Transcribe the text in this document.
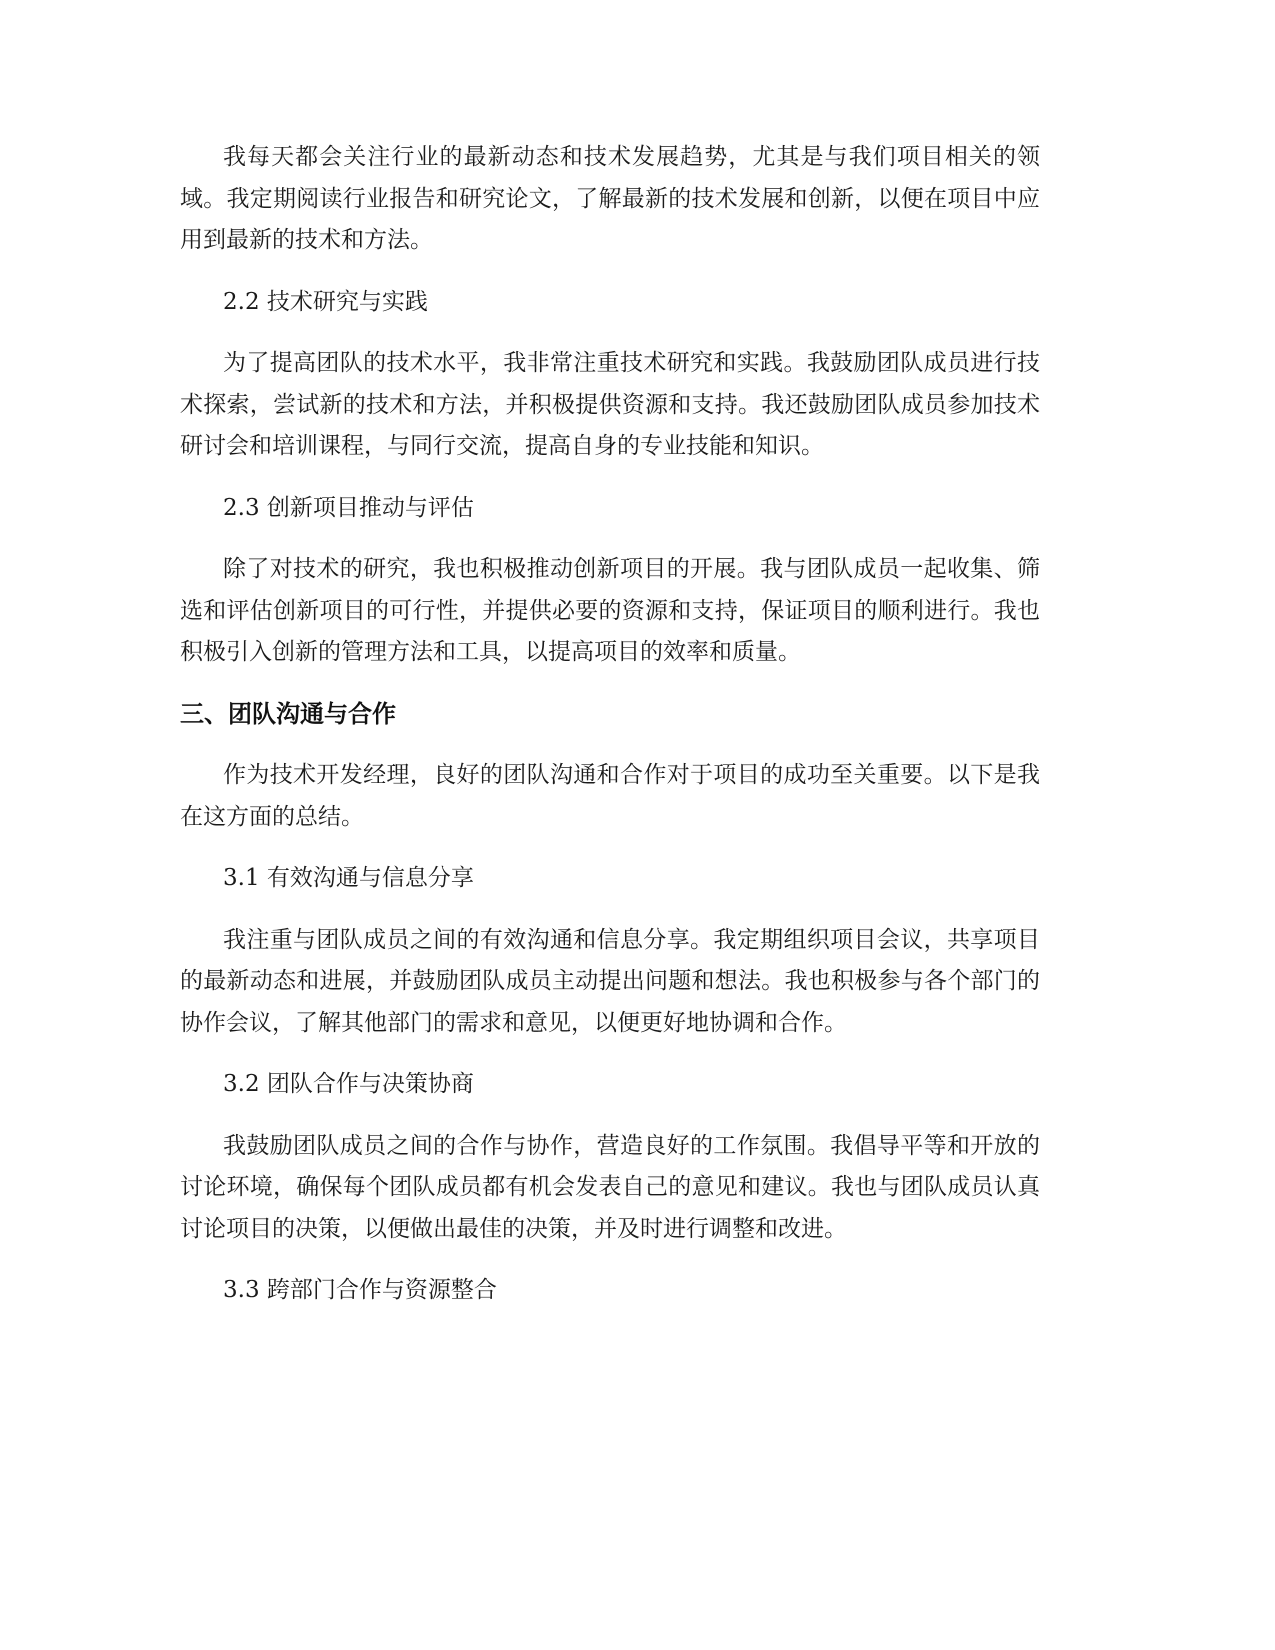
我每天都会关注行业的最新动态和技术发展趋势，尤其是与我们项目相关的领域。我定期阅读行业报告和研究论文，了解最新的技术发展和创新，以便在项目中应用到最新的技术和方法。

2.2 技术研究与实践

为了提高团队的技术水平，我非常注重技术研究和实践。我鼓励团队成员进行技术探索，尝试新的技术和方法，并积极提供资源和支持。我还鼓励团队成员参加技术研讨会和培训课程，与同行交流，提高自身的专业技能和知识。

2.3 创新项目推动与评估

除了对技术的研究，我也积极推动创新项目的开展。我与团队成员一起收集、筛选和评估创新项目的可行性，并提供必要的资源和支持，保证项目的顺利进行。我也积极引入创新的管理方法和工具，以提高项目的效率和质量。

三、团队沟通与合作

作为技术开发经理，良好的团队沟通和合作对于项目的成功至关重要。以下是我在这方面的总结。

3.1 有效沟通与信息分享

我注重与团队成员之间的有效沟通和信息分享。我定期组织项目会议，共享项目的最新动态和进展，并鼓励团队成员主动提出问题和想法。我也积极参与各个部门的协作会议，了解其他部门的需求和意见，以便更好地协调和合作。

3.2 团队合作与决策协商

我鼓励团队成员之间的合作与协作，营造良好的工作氛围。我倡导平等和开放的讨论环境，确保每个团队成员都有机会发表自己的意见和建议。我也与团队成员认真讨论项目的决策，以便做出最佳的决策，并及时进行调整和改进。

3.3 跨部门合作与资源整合
